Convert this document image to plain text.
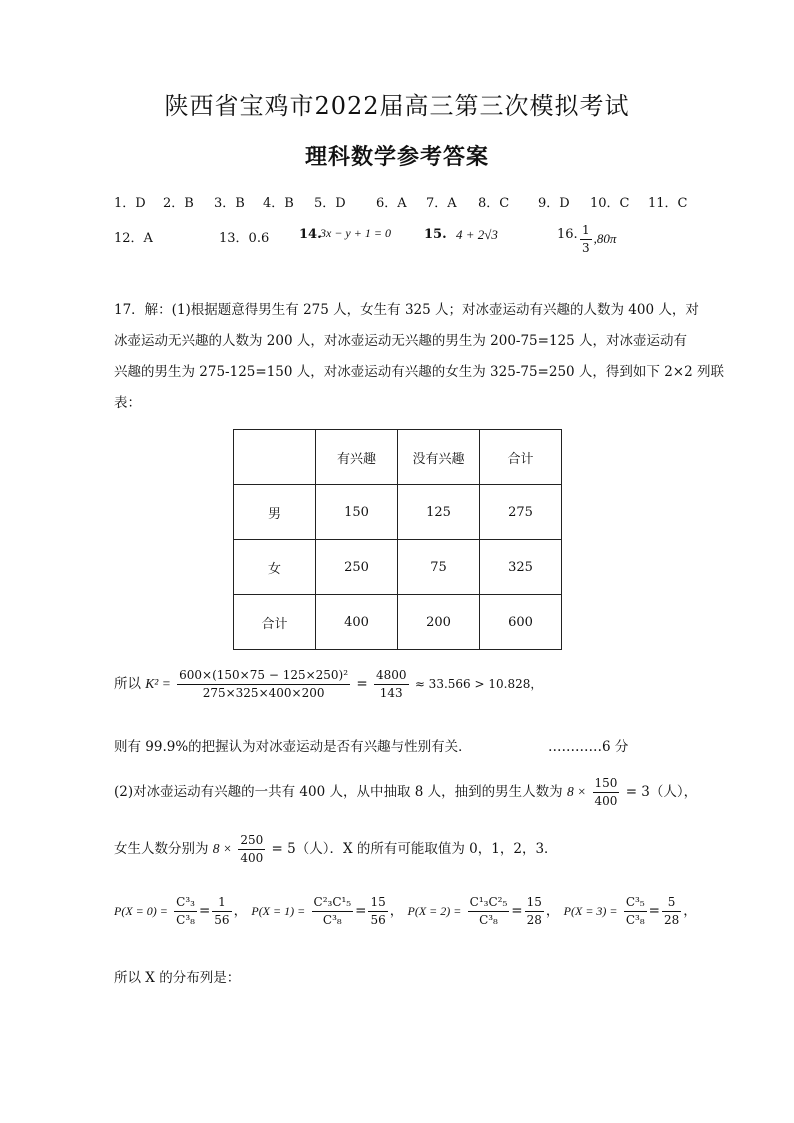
陕西省宝鸡市2022届高三第三次模拟考试
理科数学参考答案
1．D 2．B 3．B 4．B 5．D 6．A 7．A 8．C 9．D 10．C 11．C
12．A	13．0.6 14.
3x − y + 1 = 0	15. 4 + 2√3	16. $\frac{1}{3} ,80\pi$
17．解：(1)根据题意得男生有 275 人，女生有 325 人；对冰壶运动有兴趣的人数为 400 人，对
冰壶运动无兴趣的人数为 200 人，对冰壶运动无兴趣的男生为 200-75=125 人，对冰壶运动有
兴趣的男生为 275-125=150 人，对冰壶运动有兴趣的女生为 325-75=250 人，得到如下 2×2 列联
表：
	有兴趣	没有兴趣	合计
男	150	125	275
女	250	75	325
合计	400	200	600
所以 $K^2 = \frac{\text{600×(150×75 − 125×250)²}}{275\times 325\times 400\times 200} = \frac{4800}{143} \approx 33.566 > 10.828$，
则有 99.9%的把握认为对冰壶运动是否有兴趣与性别有关．	…………6 分
(2)对冰壶运动有兴趣的一共有 400 人，从中抽取 8 人，抽到的男生人数为 $8 \times \frac{150}{400} = 3$（人），
女生人数分别为 $8 \times \frac{250}{400} = 5$（人）．X 的所有可能取值为 0，1，2，3．
$P(X = 0) = \frac{\text{C³₃}}{\text{C³₈}} = \frac{1}{56}$ ， $P(X = 1) = \frac{\text{C²₃C¹₅}}{\text{C³₈}} = \frac{15}{56}$ ， $P(X = 2) = \frac{\text{C¹₃C²₅}}{\text{C³₈}} = \frac{15}{28}$ ， $P(X = 3) = \frac{\text{C³₅}}{\text{C³₈}} = \frac{5}{28}$ ，
所以 X 的分布列是：
